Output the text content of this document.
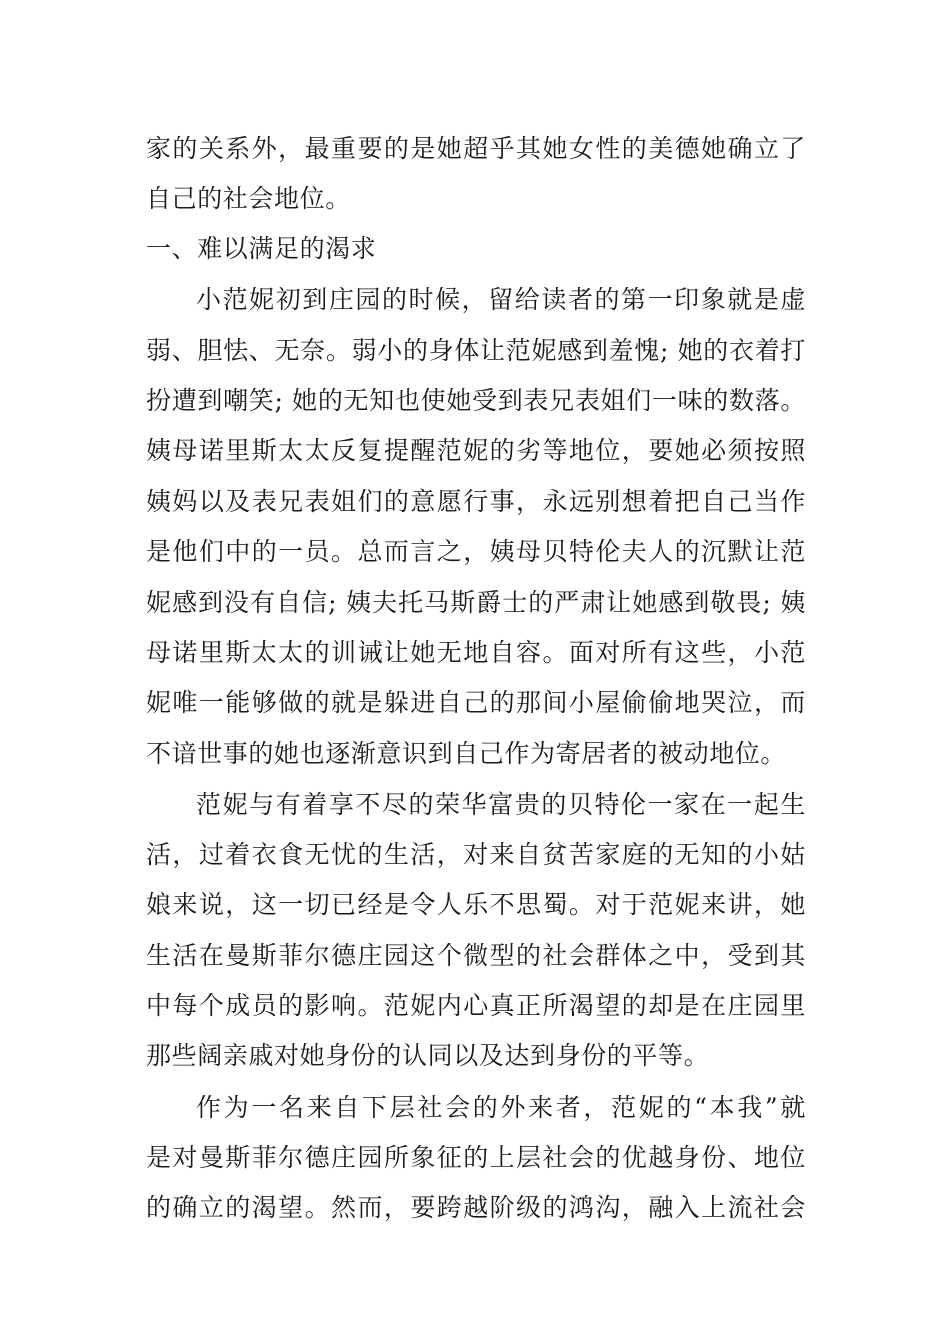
家的关系外，最重要的是她超乎其她女性的美德她确立了
自己的社会地位。
一、难以满足的渴求
小范妮初到庄园的时候，留给读者的第一印象就是虚
弱、胆怯、无奈。弱小的身体让范妮感到羞愧; 她的衣着打
扮遭到嘲笑; 她的无知也使她受到表兄表姐们一味的数落。
姨母诺里斯太太反复提醒范妮的劣等地位，要她必须按照
姨妈以及表兄表姐们的意愿行事，永远别想着把自己当作
是他们中的一员。总而言之，姨母贝特伦夫人的沉默让范
妮感到没有自信; 姨夫托马斯爵士的严肃让她感到敬畏; 姨
母诺里斯太太的训诫让她无地自容。面对所有这些，小范
妮唯一能够做的就是躲进自己的那间小屋偷偷地哭泣，而
不谙世事的她也逐渐意识到自己作为寄居者的被动地位。
范妮与有着享不尽的荣华富贵的贝特伦一家在一起生
活，过着衣食无忧的生活，对来自贫苦家庭的无知的小姑
娘来说，这一切已经是令人乐不思蜀。对于范妮来讲，她
生活在曼斯菲尔德庄园这个微型的社会群体之中，受到其
中每个成员的影响。范妮内心真正所渴望的却是在庄园里
那些阔亲戚对她身份的认同以及达到身份的平等。
作为一名来自下层社会的外来者，范妮的“本我”就
是对曼斯菲尔德庄园所象征的上层社会的优越身份、地位
的确立的渴望。然而，要跨越阶级的鸿沟，融入上流社会
